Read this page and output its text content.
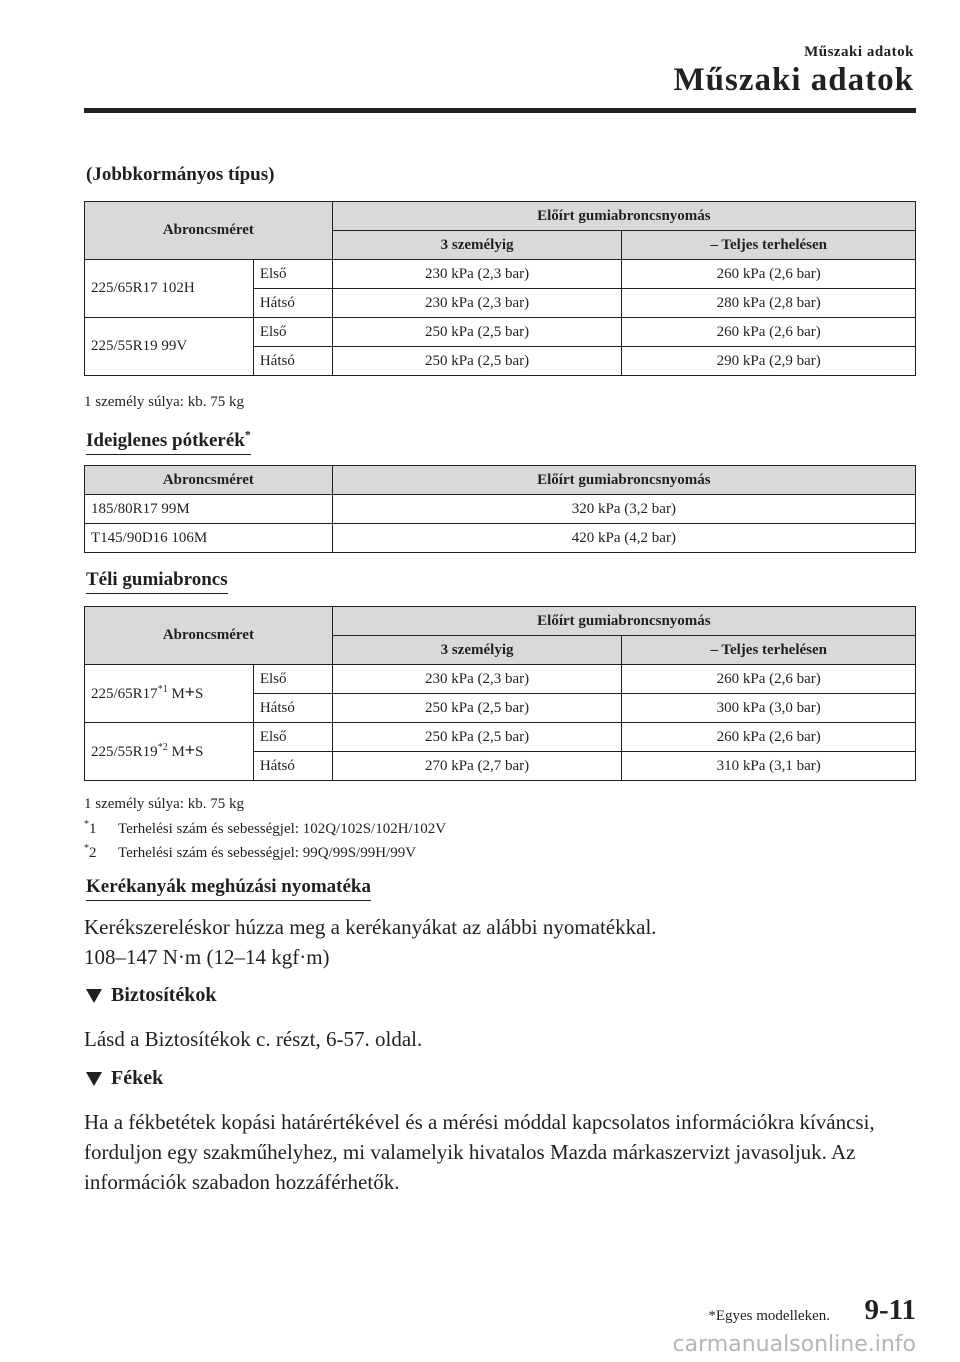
Műszaki adatok
Műszaki adatok
(Jobbkormányos típus)
Abroncsméret		Előírt gumiabroncsnyomás	
		3 személyig	– Teljes terhelésen
225/65R17 102H	Első	230 kPa (2,3 bar)	260 kPa (2,6 bar)
	Hátsó	230 kPa (2,3 bar)	280 kPa (2,8 bar)
225/55R19 99V	Első	250 kPa (2,5 bar)	260 kPa (2,6 bar)
	Hátsó	250 kPa (2,5 bar)	290 kPa (2,9 bar)
1 személy súlya: kb. 75 kg
Ideiglenes pótkerék*
Abroncsméret	Előírt gumiabroncsnyomás
185/80R17 99M	320 kPa (3,2 bar)
T145/90D16 106M	420 kPa (4,2 bar)
Téli gumiabroncs
Abroncsméret		Előírt gumiabroncsnyomás	
		3 személyig	– Teljes terhelésen
225/65R17$^{*1}$ M+S	Első	230 kPa (2,3 bar)	260 kPa (2,6 bar)
	Hátsó	250 kPa (2,5 bar)	300 kPa (3,0 bar)
225/55R19$^{*2}$ M+S	Első	250 kPa (2,5 bar)	260 kPa (2,6 bar)
	Hátsó	270 kPa (2,7 bar)	310 kPa (3,1 bar)
1 személy súlya: kb. 75 kg
*1 Terhelési szám és sebességjel: 102Q/102S/102H/102V
*2 Terhelési szám és sebességjel: 99Q/99S/99H/99V
Kerékanyák meghúzási nyomatéka
Kerékszereléskor húzza meg a kerékanyákat az alábbi nyomatékkal.
108–147 N·m (12–14 kgf·m)
Biztosítékok
Lásd a Biztosítékok c. részt, 6-57. oldal.
Fékek
Ha a fékbetétek kopási határértékével és a mérési móddal kapcsolatos információkra kíváncsi, forduljon egy szakműhelyhez, mi valamelyik hivatalos Mazda márkaszervizt javasoljuk. Az információk szabadon hozzáférhetők.
*Egyes modelleken. 9-11
carmanualsonline.info
